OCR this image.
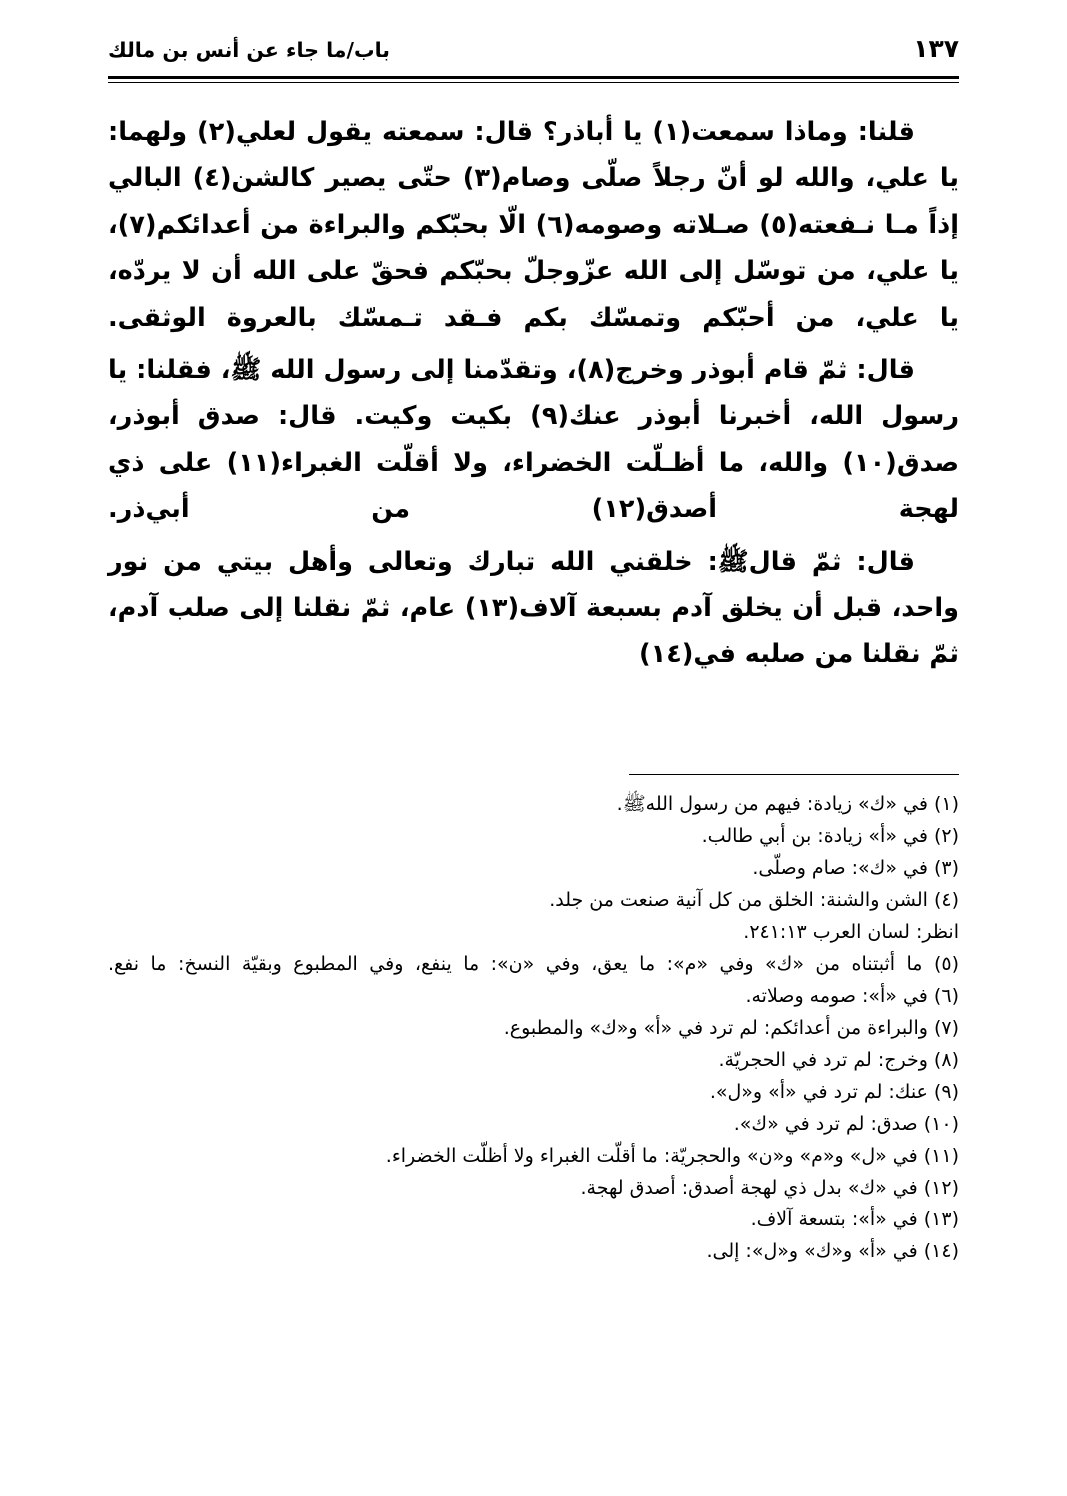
باب/ما جاء عن أنس بن مالك	١٣٧

قلنا: وماذا سمعت(١) يا أباذر؟ قال: سمعته يقول لعلي(٢) ولهما: يا علي، والله لو أنّ رجلاً صلّى وصام(٣) حتّى يصير كالشن(٤) البالي إذاً مـا نـفعته(٥) صـلاته وصومه(٦) الّا بحبّكم والبراءة من أعدائكم(٧)، يا علي، من توسّل إلى الله عزّوجلّ بحبّكم فحقّ على الله أن لا يردّه، يا علي، من أحبّكم وتمسّك بكم فـقد تـمسّك بالعروة الوثقى.

قال: ثمّ قام أبوذر وخرج(٨)، وتقدّمنا إلى رسول الله ﷺ، فقلنا: يا رسول الله، أخبرنا أبوذر عنك(٩) بكيت وكيت. قال: صدق أبوذر، صدق(١٠) والله، ما أظـلّت الخضراء، ولا أقلّت الغبراء(١١) على ذي لهجة أصدق(١٢) من أبي‌ذر.

قال: ثمّ قالﷺ: خلقني الله تبارك وتعالى وأهل بيتي من نور واحد، قبل أن يخلق آدم بسبعة آلاف(١٣) عام، ثمّ نقلنا إلى صلب آدم، ثمّ نقلنا من صلبه في(١٤)

(١) في «ك» زيادة: فيهم من رسول اللهﷺ.

(٢) في «أ» زيادة: بن أبي طالب.

(٣) في «ك»: صام وصلّى.

(٤) الشن والشنة: الخلق من كل آنية صنعت من جلد.

انظر: لسان العرب ٢٤١:١٣.

(٥) ما أثبتناه من «ك» وفي «م»: ما يعق، وفي «ن»: ما ينفع، وفي المطبوع وبقيّة النسخ: ما نفع.

(٦) في «أ»: صومه وصلاته.

(٧) والبراءة من أعدائكم: لم ترد في «أ» و«ك» والمطبوع.

(٨) وخرج: لم ترد في الحجريّة.

(٩) عنك: لم ترد في «أ» و«ل».

(١٠) صدق: لم ترد في «ك».

(١١) في «ل» و«م» و«ن» والحجريّة: ما أقلّت الغبراء ولا أظلّت الخضراء.

(١٢) في «ك» بدل ذي لهجة أصدق: أصدق لهجة.

(١٣) في «أ»: بتسعة آلاف.

(١٤) في «أ» و«ك» و«ل»: إلى.
